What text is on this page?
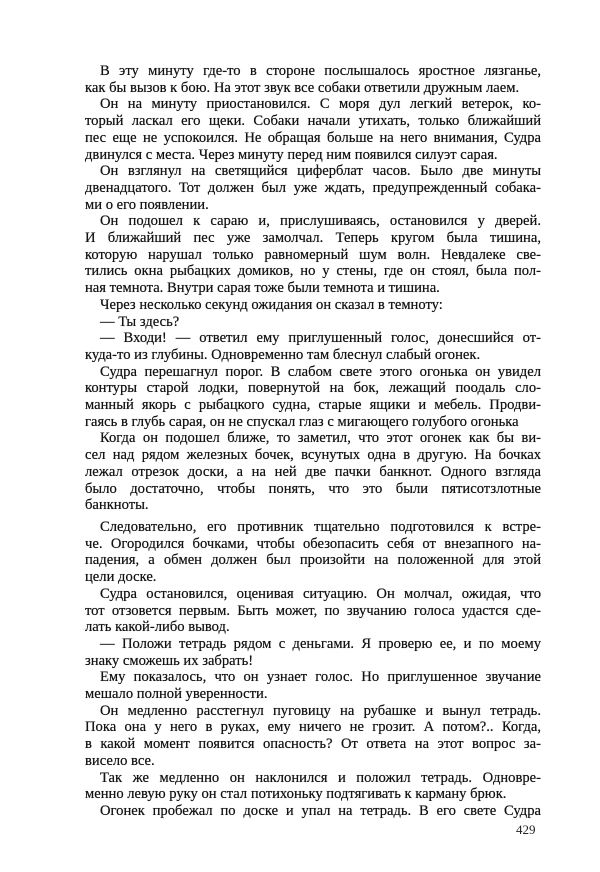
В эту минуту где-то в стороне послышалось яростное лязганье,
как бы вызов к бою. На этот звук все собаки ответили дружным лаем.
Он на минуту приостановился. С моря дул легкий ветерок, ко-
торый ласкал его щеки. Собаки начали утихать, только ближайший
пес еще не успокоился. Не обращая больше на него внимания, Судра
двинулся с места. Через минуту перед ним появился силуэт сарая.
Он взглянул на светящийся циферблат часов. Было две минуты
двенадцатого. Тот должен был уже ждать, предупрежденный собака-
ми о его появлении.
Он подошел к сараю и, прислушиваясь, остановился у дверей.
И ближайший пес уже замолчал. Теперь кругом была тишина,
которую нарушал только равномерный шум волн. Невдалеке све-
тились окна рыбацких домиков, но у стены, где он стоял, была пол-
ная темнота. Внутри сарая тоже были темнота и тишина.
Через несколько секунд ожидания он сказал в темноту:
— Ты здесь?
— Входи! — ответил ему приглушенный голос, донесшийся от-
куда-то из глубины. Одновременно там блеснул слабый огонек.
Судра перешагнул порог. В слабом свете этого огонька он увидел
контуры старой лодки, повернутой на бок, лежащий поодаль сло-
манный якорь с рыбацкого судна, старые ящики и мебель. Продви-
гаясь в глубь сарая, он не спускал глаз с мигающего голубого огонька
Когда он подошел ближе, то заметил, что этот огонек как бы ви-
сел над рядом железных бочек, всунутых одна в другую. На бочках
лежал отрезок доски, а на ней две пачки банкнот. Одного взгляда
было достаточно, чтобы понять, что это были пятисотзлотные
банкноты.
Следовательно, его противник тщательно подготовился к встре-
че. Огородился бочками, чтобы обезопасить себя от внезапного на-
падения, а обмен должен был произойти на положенной для этой
цели доске.
Судра остановился, оценивая ситуацию. Он молчал, ожидая, что
тот отзовется первым. Быть может, по звучанию голоса удастся сде-
лать какой-либо вывод.
— Положи тетрадь рядом с деньгами. Я проверю ее, и по моему
знаку сможешь их забрать!
Ему показалось, что он узнает голос. Но приглушенное звучание
мешало полной уверенности.
Он медленно расстегнул пуговицу на рубашке и вынул тетрадь.
Пока она у него в руках, ему ничего не грозит. А потом?.. Когда,
в какой момент появится опасность? От ответа на этот вопрос за-
висело все.
Так же медленно он наклонился и положил тетрадь. Одновре-
менно левую руку он стал потихоньку подтягивать к карману брюк.
Огонек пробежал по доске и упал на тетрадь. В его свете Судра
429
